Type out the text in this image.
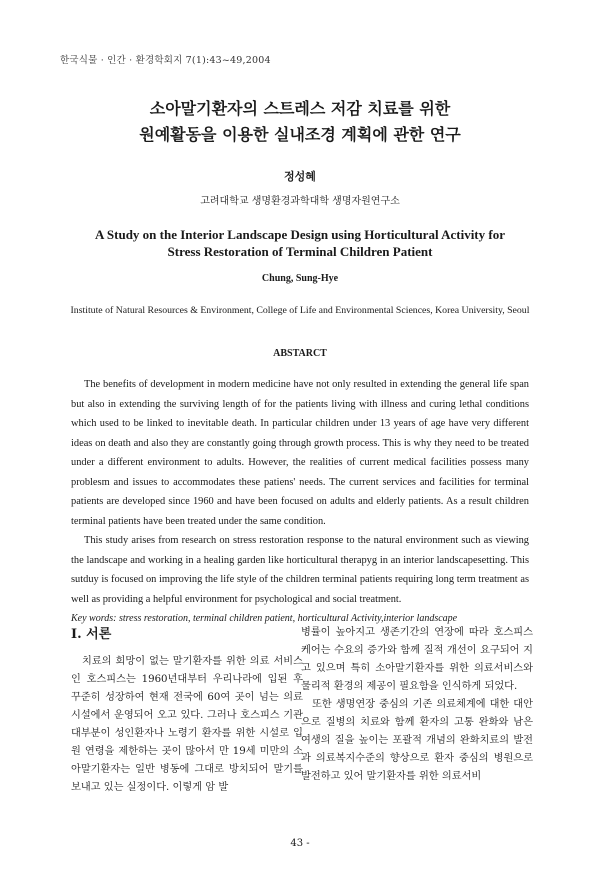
한국식물 · 인간 · 환경학회지 7(1):43~49,2004
소아말기환자의 스트레스 저감 치료를 위한
원예활동을 이용한 실내조경 계획에 관한 연구
정성혜
고려대학교 생명환경과학대학 생명자원연구소
A Study on the Interior Landscape Design using Horticultural Activity for
Stress Restoration of Terminal Children Patient
Chung, Sung-Hye
Institute of Natural Resources & Environment, College of Life and Environmental Sciences, Korea University, Seoul
ABSTARCT

The benefits of development in modern medicine have not only resulted in extending the general life span but also in extending the surviving length of for the patients living with illness and curing lethal conditions which used to be linked to inevitable death. In particular children under 13 years of age have very different ideas on death and also they are constantly going through growth process. This is why they need to be treated under a different environment to adults. However, the realities of current medical facilities possess many problesm and issues to accommodates these patiens' needs. The current services and facilities for terminal patients are developed since 1960 and have been focused on adults and elderly patients. As a result children terminal patients have been treated under the same condition.

This study arises from research on stress restoration response to the natural environment such as viewing the landscape and working in a healing garden like horticultural therapyg in an interior landscapesetting. This sutduy is focused on improving the life style of the children terminal patients requiring long term treatment as well as providing a helpful environment for psychological and social treatment.

Key words: stress restoration, terminal children patient, horticultural Activity,interior landscape

I. 서론

치료의 희망이 없는 말기환자를 위한 의료 서비스인 호스피스는 1960년대부터 우리나라에 입된 후 꾸준히 성장하여 현재 전국에 60여 곳이 넘는 의료시설에서 운영되어 오고 있다. 그러나 호스피스 기관 대부분이 성인환자나 노령기 환자를 위한 시설로 입원 연령을 제한하는 곳이 많아서 만 19세 미만의 소아말기환자는 일반 병동에 그대로 방치되어 말기를 보내고 있는 실정이다. 이렇게 암 발

병률이 높아지고 생존기간의 연장에 따라 호스피스 케어는 수요의 증가와 함께 질적 개선이 요구되어 지고 있으며 특히 소아말기환자를 위한 의료서비스와 물리적 환경의 제공이 필요함을 인식하게 되었다.

또한 생명연장 중심의 기존 의료체계에 대한 대안으로 질병의 치료와 함께 환자의 고통 완화와 남은 여생의 질을 높이는 포괄적 개념의 완화치료의 발전과 의료복지수준의 향상으로 환자 중심의 병원으로 발전하고 있어 말기환자를 위한 의료서비

43 -
